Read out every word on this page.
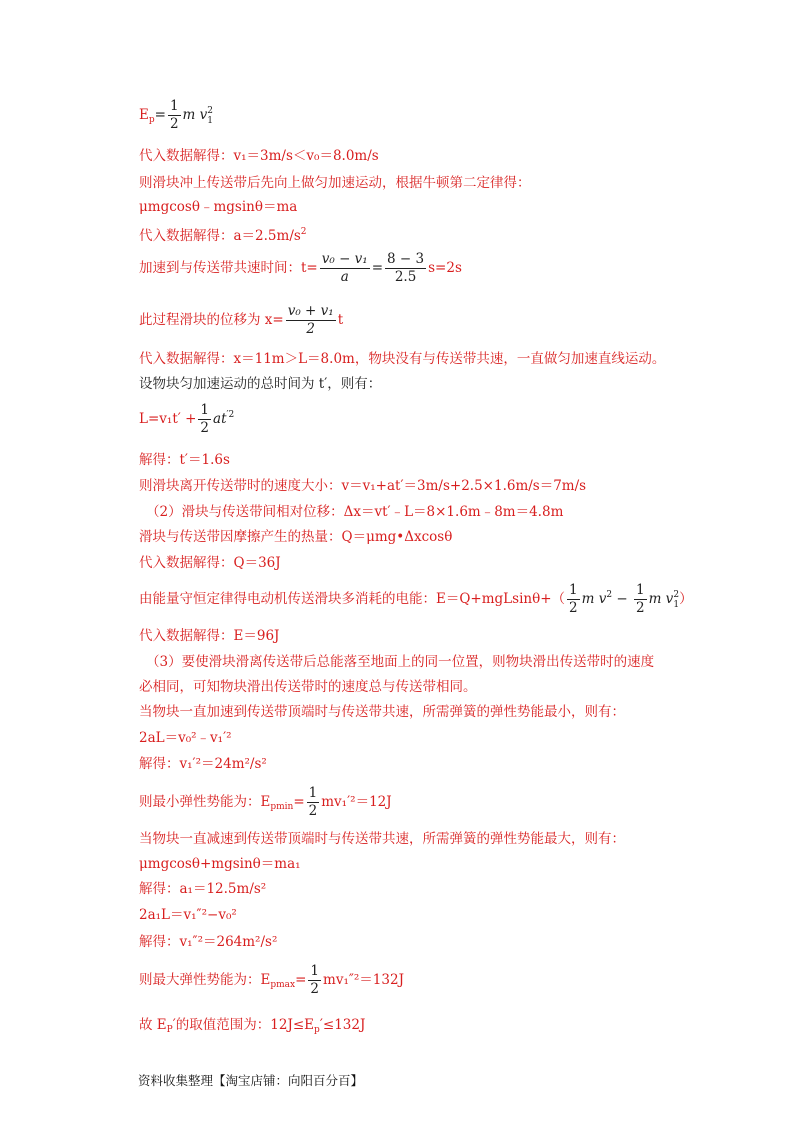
$E_p= \frac{1}{2}$ m v 2
1
代入数据解得：v₁＝3m/s＜v₀＝8.0m/s
则滑块冲上传送带后先向上做匀加速运动，根据牛顿第二定律得：
μmgcosθ﹣mgsinθ＝ma
代入数据解得：$a=2.5m/s^2$
加速到与传送带共速时间：$t= \frac{\text{v₀ − v₁}}{a} = \frac{8 - 3}{2.5} s=2s$
此过程滑块的位移为 $x= \frac{\text{v₀ + v₁}}{2}$ t
代入数据解得：x＝11m＞L＝8.0m，物块没有与传送带共速，一直做匀加速直线运动。
设物块匀加速运动的总时间为 t′，则有：
$L=v_1t' + \frac{1}{2} at^{'2}$
解得：t′＝1.6s
则滑块离开传送带时的速度大小：v＝v₁+at′＝3m/s+2.5×1.6m/s＝7m/s
（2）滑块与传送带间相对位移：Δx＝vt′﹣L＝8×1.6m﹣8m＝4.8m
滑块与传送带因摩擦产生的热量：Q＝μmg•Δxcosθ
代入数据解得：Q＝36J
由能量守恒定律得电动机传送滑块多消耗的电能：$E=Q+mgLsin\theta+( \frac{1}{2}$ m $v^2 - \frac{1}{2}$ m v 2
1 ）
代入数据解得：E＝96J
（3）要使滑块滑离传送带后总能落至地面上的同一位置，则物块滑出传送带时的速度
必相同，可知物块滑出传送带时的速度总与传送带相同。
当物块一直加速到传送带顶端时与传送带共速，所需弹簧的弹性势能最小，则有：
2aL＝v₀²﹣v₁′²
解得：v₁′²＝24m²/s²
则最小弹性势能为：$E_{pmin}= \frac{1}{2} mv_1'^2=12J$
当物块一直减速到传送带顶端时与传送带共速，所需弹簧的弹性势能最大，则有：
μmgcosθ+mgsinθ＝ma₁
解得：a₁＝12.5m/s²
2a₁L＝v₁″²−v₀²
解得：v₁″²＝264m²/s²
则最大弹性势能为：$E_{pmax}= \frac{1}{2} mv_1''^2=132J$
故 $E_P'$的取值范围为：$12J\le E_p'\le 132J$
资料收集整理【淘宝店铺：向阳百分百】
